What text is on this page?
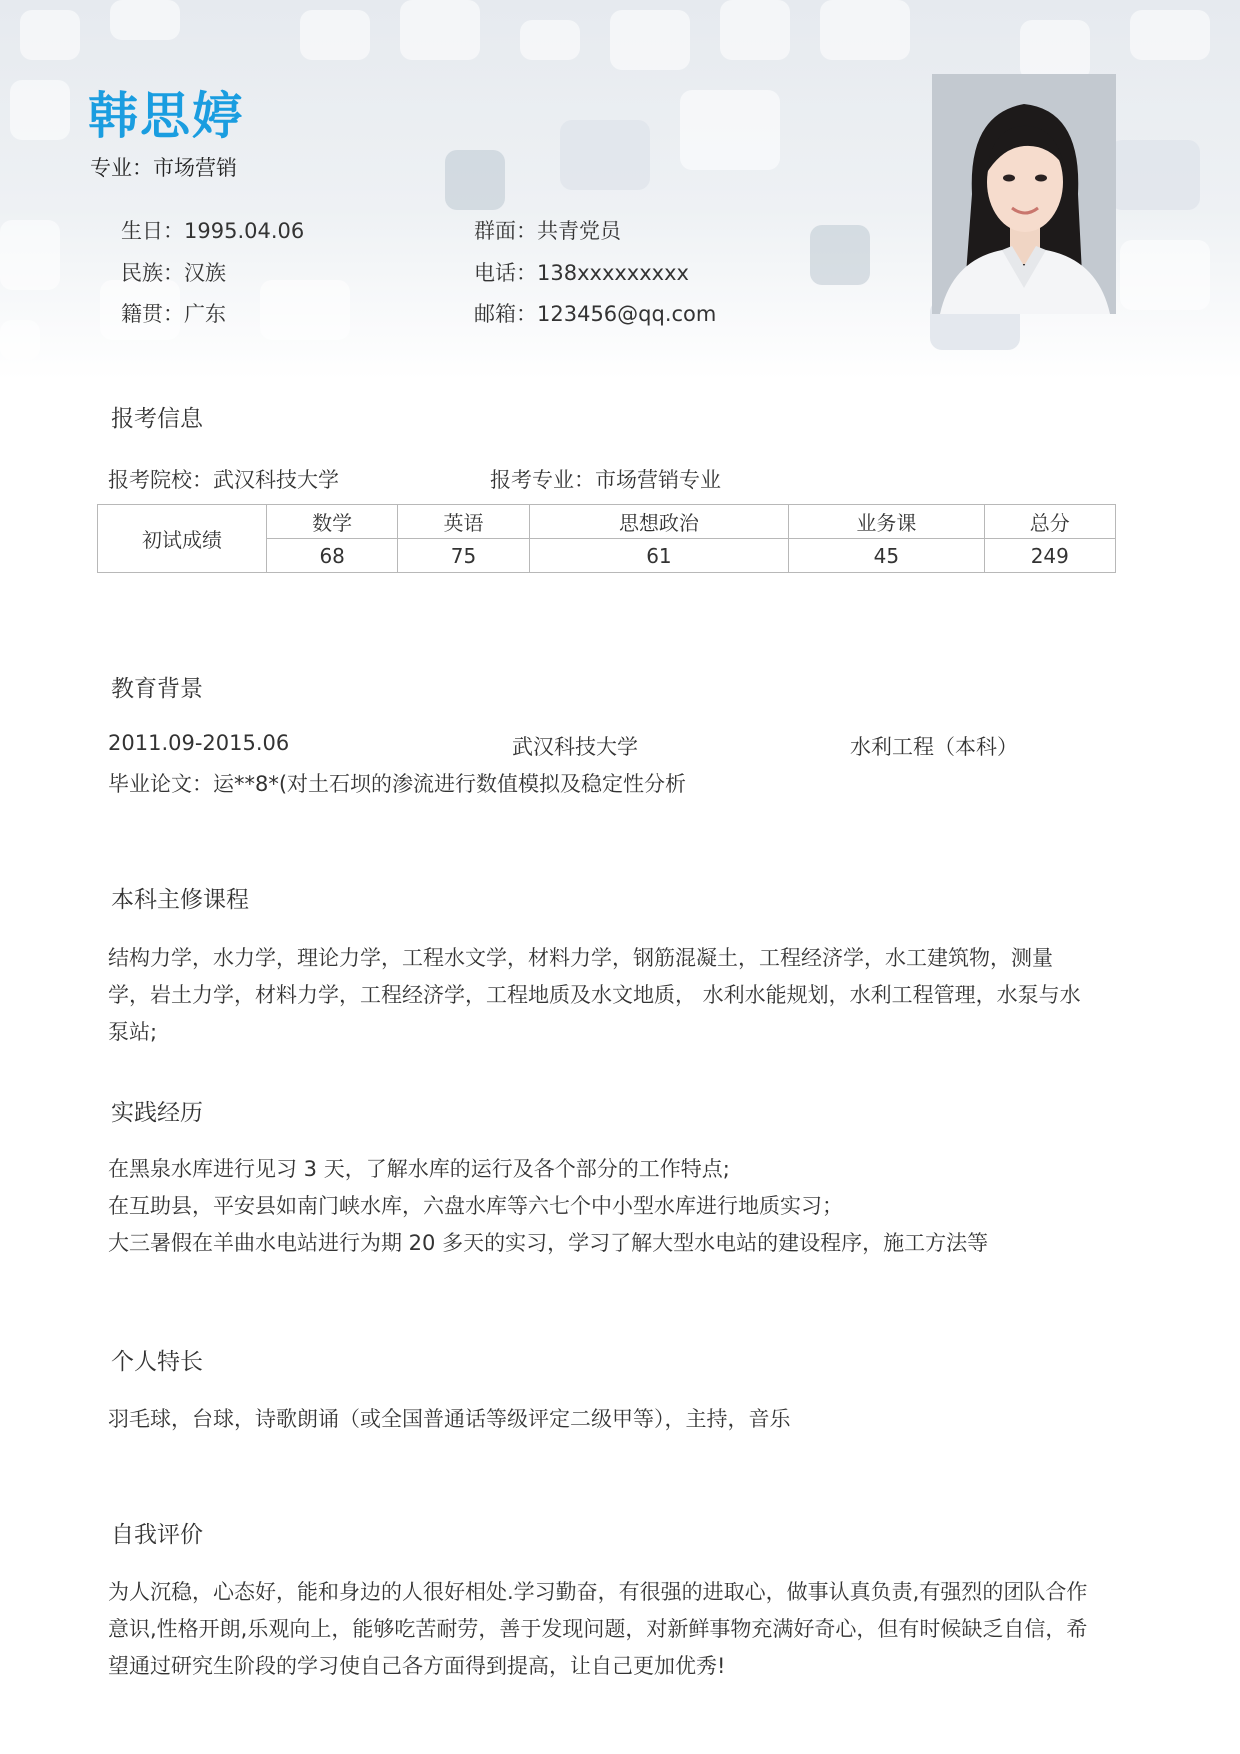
韩思婷
专业：市场营销
生日：1995.04.06
民族：汉族
籍贯：广东
群面：共青党员
电话：138xxxxxxxxx
邮箱：123456@qq.com
报考信息
报考院校：武汉科技大学	报考专业：市场营销专业
初试成绩	数学	英语	思想政治	业务课	总分
	68	75	61	45	249
教育背景
2011.09-2015.06	武汉科技大学	水利工程（本科）
毕业论文：运**8*(对土石坝的渗流进行数值模拟及稳定性分析
本科主修课程
结构力学，水力学，理论力学，工程水文学，材料力学，钢筋混凝土，工程经济学，水工建筑物，测量
学，岩土力学，材料力学，工程经济学，工程地质及水文地质， 水利水能规划，水利工程管理，水泵与水
泵站;
实践经历
在黑泉水库进行见习 3 天，了解水库的运行及各个部分的工作特点;
在互助县，平安县如南门峡水库，六盘水库等六七个中小型水库进行地质实习；
大三暑假在羊曲水电站进行为期 20 多天的实习，学习了解大型水电站的建设程序，施工方法等
个人特长
羽毛球，台球，诗歌朗诵（或全国普通话等级评定二级甲等），主持，音乐
自我评价
为人沉稳，心态好，能和身边的人很好相处.学习勤奋，有很强的进取心，做事认真负责,有强烈的团队合作
意识,性格开朗,乐观向上，能够吃苦耐劳，善于发现问题，对新鲜事物充满好奇心，但有时候缺乏自信，希
望通过研究生阶段的学习使自己各方面得到提高，让自己更加优秀!
